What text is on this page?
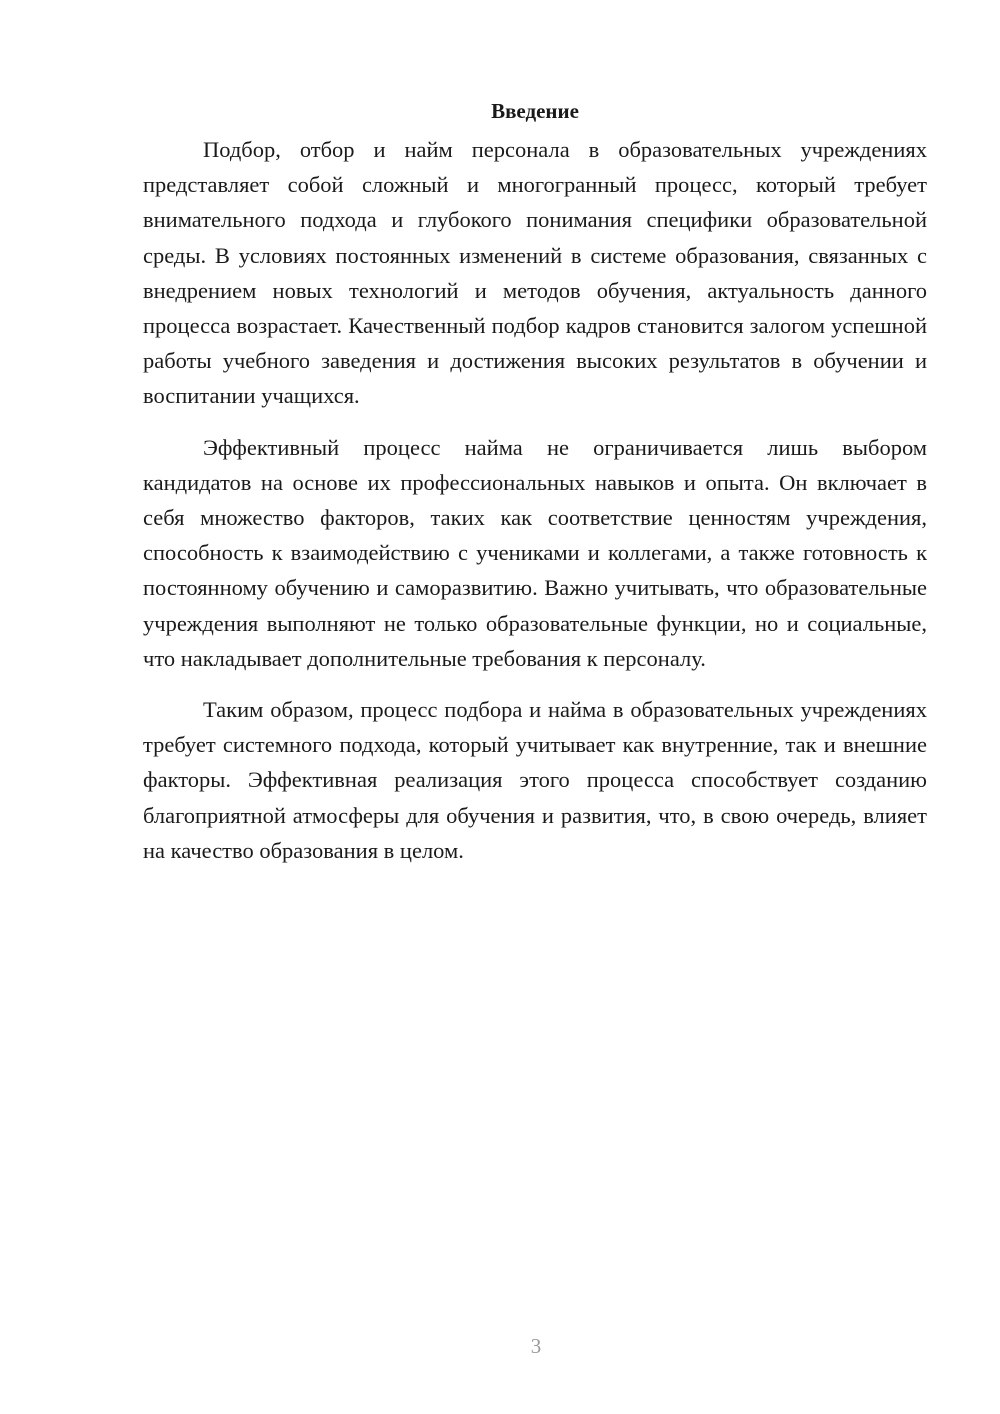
Введение

Подбор, отбор и найм персонала в образовательных учреждениях представляет собой сложный и многогранный процесс, который требует внимательного подхода и глубокого понимания специфики образовательной среды. В условиях постоянных изменений в системе образования, связанных с внедрением новых технологий и методов обучения, актуальность данного процесса возрастает. Качественный подбор кадров становится залогом успешной работы учебного заведения и достижения высоких результатов в обучении и воспитании учащихся.

Эффективный процесс найма не ограничивается лишь выбором кандидатов на основе их профессиональных навыков и опыта. Он включает в себя множество факторов, таких как соответствие ценностям учреждения, способность к взаимодействию с учениками и коллегами, а также готовность к постоянному обучению и саморазвитию. Важно учитывать, что образовательные учреждения выполняют не только образовательные функции, но и социальные, что накладывает дополнительные требования к персоналу.

Таким образом, процесс подбора и найма в образовательных учреждениях требует системного подхода, который учитывает как внутренние, так и внешние факторы. Эффективная реализация этого процесса способствует созданию благоприятной атмосферы для обучения и развития, что, в свою очередь, влияет на качество образования в целом.

3
